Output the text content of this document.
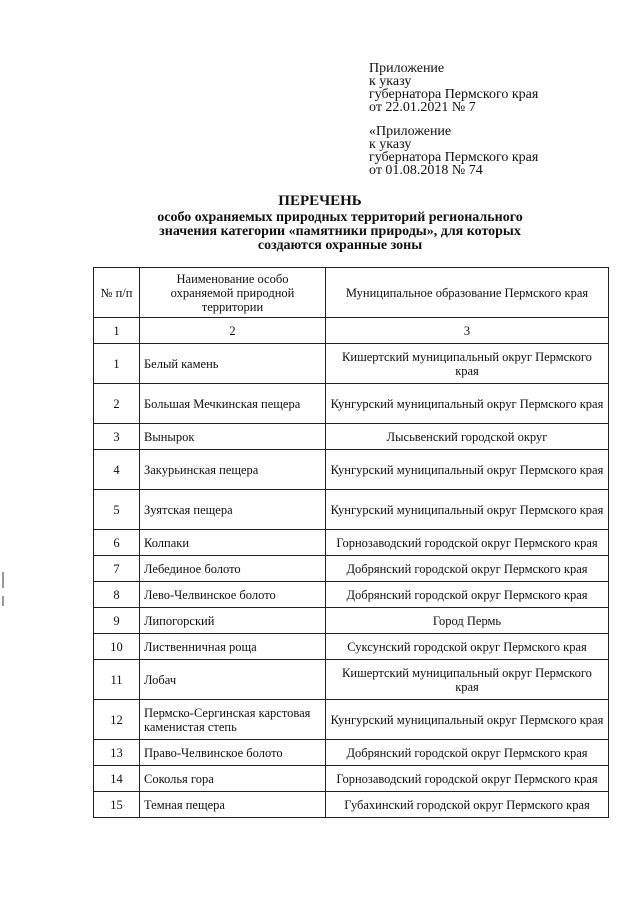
Приложение
к указу
губернатора Пермского края
от 22.01.2021 № 7
«Приложение
к указу
губернатора Пермского края
от 01.08.2018 № 74
ПЕРЕЧЕНЬ
особо охраняемых природных территорий регионального
значения категории «памятники природы», для которых
создаются охранные зоны
№ п/п	Наименование особо охраняемой природной территории	Муниципальное образование Пермского края
1	2	3
1	Белый камень	Кишертский муниципальный округ Пермского края
2	Большая Мечкинская пещера	Кунгурский муниципальный округ Пермского края
3	Вынырок	Лысьвенский городской округ
4	Закурьинская пещера	Кунгурский муниципальный округ Пермского края
5	Зуятская пещера	Кунгурский муниципальный округ Пермского края
6	Колпаки	Горнозаводский городской округ Пермского края
7	Лебединое болото	Добрянский городской округ Пермского края
8	Лево-Челвинское болото	Добрянский городской округ Пермского края
9	Липогорский	Город Пермь
10	Лиственничная роща	Суксунский городской округ Пермского края
11	Лобач	Кишертский муниципальный округ Пермского края
12	Пермско-Сергинская карстовая каменистая степь	Кунгурский муниципальный округ Пермского края
13	Право-Челвинское болото	Добрянский городской округ Пермского края
14	Соколья гора	Горнозаводский городской округ Пермского края
15	Темная пещера	Губахинский городской округ Пермского края
